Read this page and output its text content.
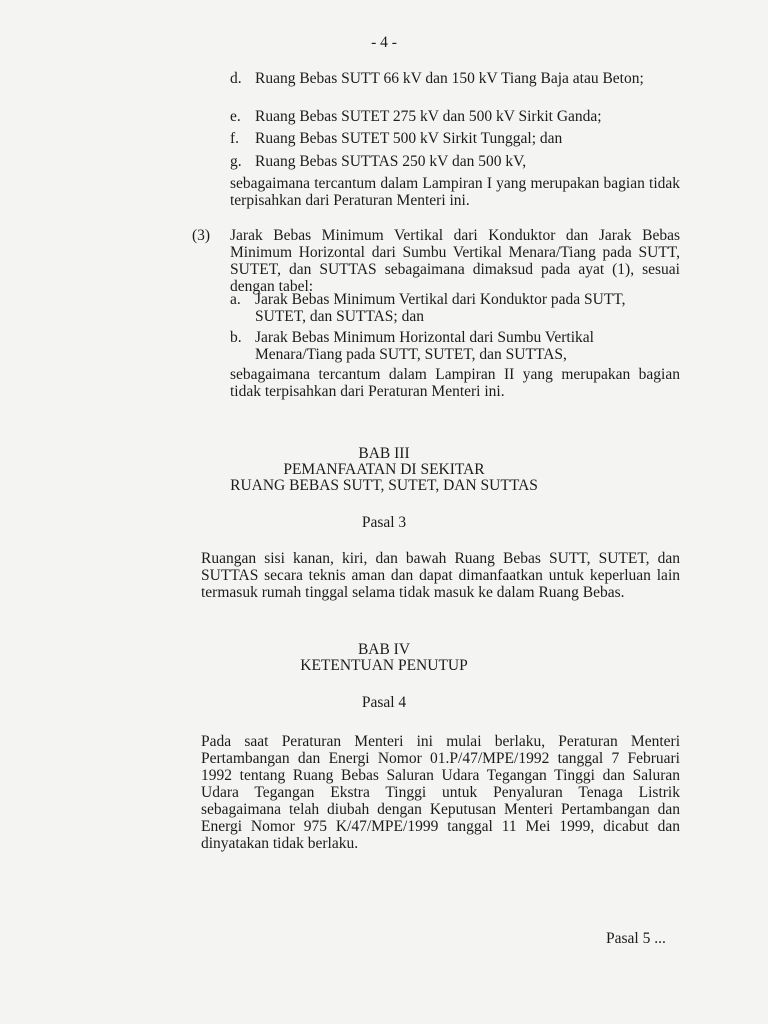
- 4 -
d. Ruang Bebas SUTT 66 kV dan 150 kV Tiang Baja atau Beton;
e. Ruang Bebas SUTET 275 kV dan 500 kV Sirkit Ganda;
f. Ruang Bebas SUTET 500 kV Sirkit Tunggal; dan
g. Ruang Bebas SUTTAS 250 kV dan 500 kV,
sebagaimana tercantum dalam Lampiran I yang merupakan bagian tidak terpisahkan dari Peraturan Menteri ini.
(3) Jarak Bebas Minimum Vertikal dari Konduktor dan Jarak Bebas Minimum Horizontal dari Sumbu Vertikal Menara/Tiang pada SUTT, SUTET, dan SUTTAS sebagaimana dimaksud pada ayat (1), sesuai dengan tabel:
a. Jarak Bebas Minimum Vertikal dari Konduktor pada SUTT, SUTET, dan SUTTAS; dan
b. Jarak Bebas Minimum Horizontal dari Sumbu Vertikal Menara/Tiang pada SUTT, SUTET, dan SUTTAS,
sebagaimana tercantum dalam Lampiran II yang merupakan bagian tidak terpisahkan dari Peraturan Menteri ini.
BAB III
PEMANFAATAN DI SEKITAR
RUANG BEBAS SUTT, SUTET, DAN SUTTAS
Pasal 3
Ruangan sisi kanan, kiri, dan bawah Ruang Bebas SUTT, SUTET, dan SUTTAS secara teknis aman dan dapat dimanfaatkan untuk keperluan lain termasuk rumah tinggal selama tidak masuk ke dalam Ruang Bebas.
BAB IV
KETENTUAN PENUTUP
Pasal 4
Pada saat Peraturan Menteri ini mulai berlaku, Peraturan Menteri Pertambangan dan Energi Nomor 01.P/47/MPE/1992 tanggal 7 Februari 1992 tentang Ruang Bebas Saluran Udara Tegangan Tinggi dan Saluran Udara Tegangan Ekstra Tinggi untuk Penyaluran Tenaga Listrik sebagaimana telah diubah dengan Keputusan Menteri Pertambangan dan Energi Nomor 975 K/47/MPE/1999 tanggal 11 Mei 1999, dicabut dan dinyatakan tidak berlaku.
Pasal 5 ...
